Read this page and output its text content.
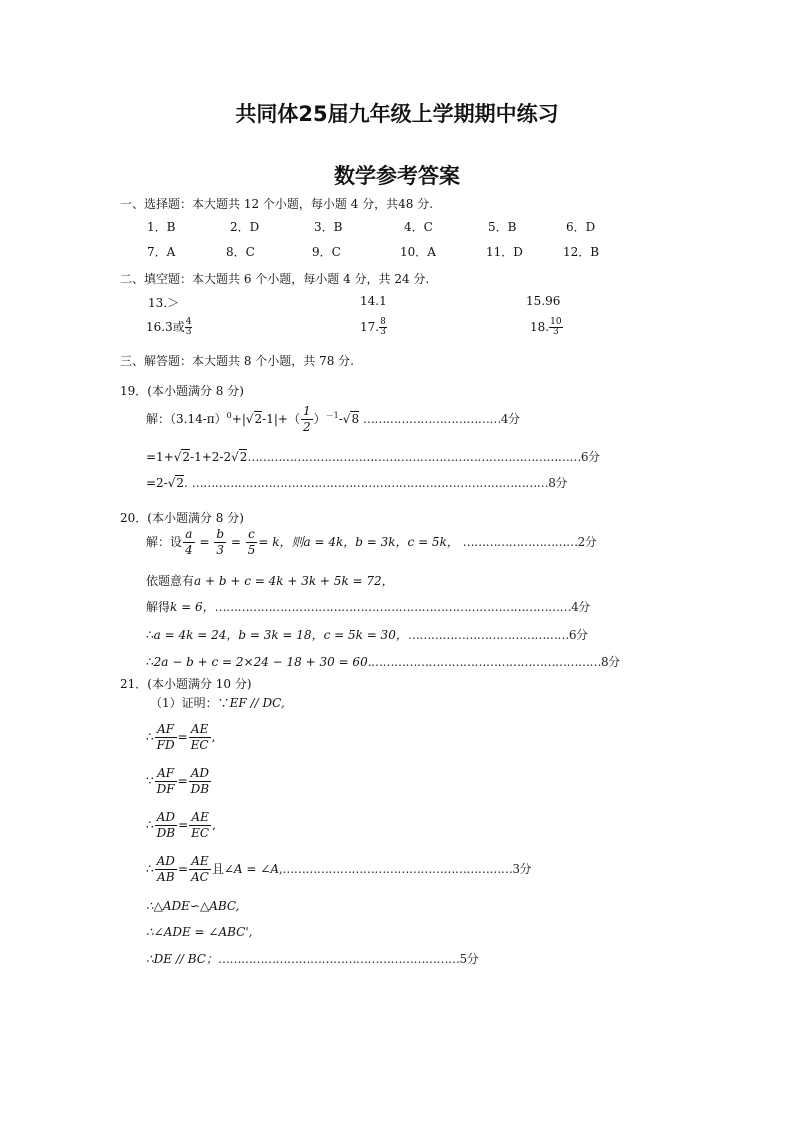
共同体25届九年级上学期期中练习
数学参考答案
一、选择题：本大题共 12 个小题，每小题 4 分，共48 分.
1．B	2．D	3．B	4．C	5．B	6．D
7．A	8．C	9．C	10．A	11．D	12．B
二、填空题：本大题共 6 个小题，每小题 4 分，共 24 分.
13.＞	14.1	15.96
16.3或 $\frac{4}{3}$	17. $\frac{8}{3}$	18. $\frac{10}{3}$
三、解答题：本大题共 8 个小题，共 78 分.
19．(本小题满分 8 分)
解：$(3.14-\pi)^0+|√2-1|+( \frac{1}{2} )^{-1}-√8$ ………………………………4分
=1+√2-1+2-2√2……………………………………………………………………………6分
=2-√2. …………………………………………………………………………………8分
20．(本小题满分 8 分)
解：设 $\frac{a}{4} = \frac{b}{3} = \frac{c}{5} = k$，则a = 4k，b = 3k，c = 5k， …………………………2分
依题意有a + b + c = 4k + 3k + 5k = 72，
解得k = 6，…………………………………………………………………………………4分
∴a = 4k = 24，b = 3k = 18，c = 5k = 30，……………………………………6分
∴2a − b + c = 2×24 − 18 + 30 = 60.……………………………………………………8分
21．(本小题满分 10 分)
（1）证明：∵EF // DC,
∴ $\frac{AF}{FD} = \frac{AE}{EC}$ ,
∵ $\frac{AF}{DF} = \frac{AD}{DB}$
∴ $\frac{AD}{DB} = \frac{AE}{EC}$ ,
∴ $\frac{AD}{AB} = \frac{AE}{AC}$ 且∠A = ∠A,……………………………………………………3分
∴△ADE∽△ABC,
∴∠ADE = ∠ABC',
∴DE // BC；………………………………………………………5分
